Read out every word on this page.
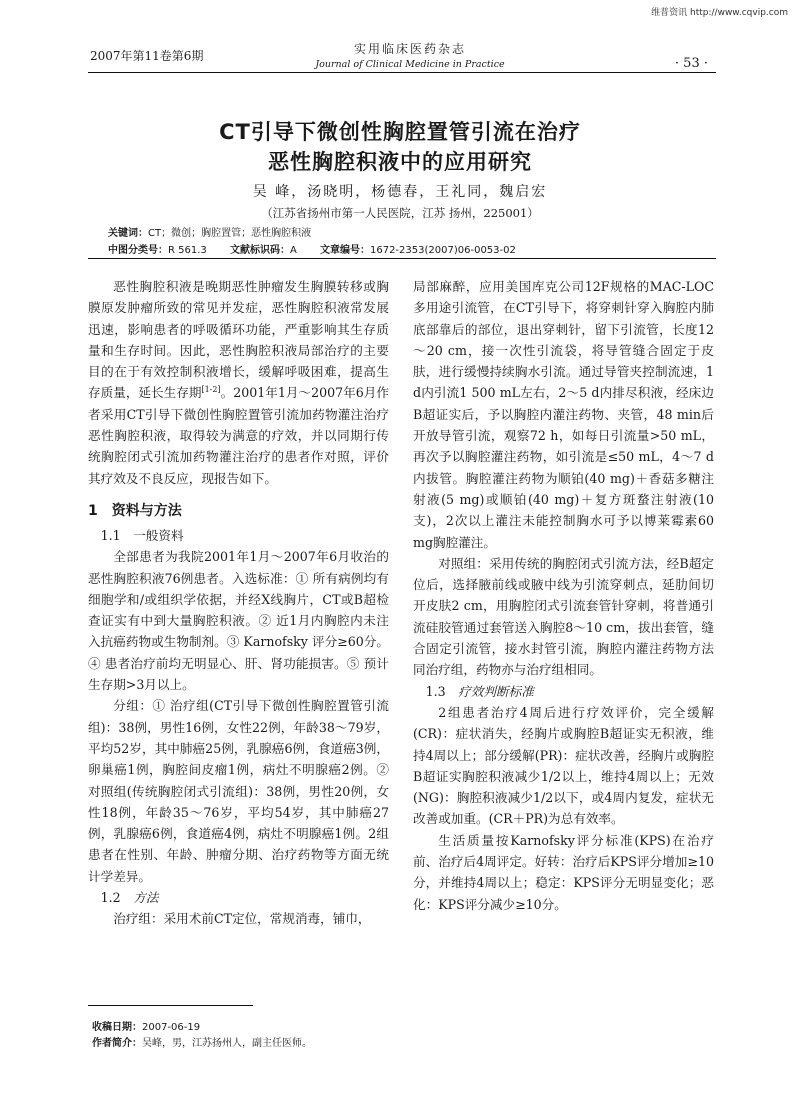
维普资讯 http://www.cqvip.com
2007年第11卷第6期	实用临床医药杂志
Journal of Clinical Medicine in Practice	· 53 ·
CT引导下微创性胸腔置管引流在治疗
恶性胸腔积液中的应用研究
吴 峰，汤晓明，杨德春，王礼同，魏启宏
（江苏省扬州市第一人民医院，江苏 扬州，225001）
关键词：CT；微创；胸腔置管；恶性胸腔积液
中图分类号：R 561.3    文献标识码：A    文章编号：1672-2353(2007)06-0053-02

恶性胸腔积液是晚期恶性肿瘤发生胸膜转移或胸膜原发肿瘤所致的常见并发症，恶性胸腔积液常发展迅速，影响患者的呼吸循环功能，严重影响其生存质量和生存时间。因此，恶性胸腔积液局部治疗的主要目的在于有效控制积液增长，缓解呼吸困难，提高生存质量，延长生存期[1-2]。2001年1月～2007年6月作者采用CT引导下微创性胸腔置管引流加药物灌注治疗恶性胸腔积液，取得较为满意的疗效，并以同期行传统胸腔闭式引流加药物灌注治疗的患者作对照，评价其疗效及不良反应，现报告如下。

1　资料与方法

1.1　一般资料

全部患者为我院2001年1月～2007年6月收治的恶性胸腔积液76例患者。入选标准：① 所有病例均有细胞学和/或组织学依据，并经X线胸片，CT或B超检查证实有中到大量胸腔积液。② 近1月内胸腔内未注入抗癌药物或生物制剂。③ Karnofsky 评分≥60分。④ 患者治疗前均无明显心、肝、肾功能损害。⑤ 预计生存期>3月以上。

分组：① 治疗组(CT引导下微创性胸腔置管引流组)：38例，男性16例，女性22例，年龄38～79岁，平均52岁，其中肺癌25例，乳腺癌6例，食道癌3例，卵巢癌1例，胸腔间皮瘤1例，病灶不明腺癌2例。② 对照组(传统胸腔闭式引流组)：38例，男性20例，女性18例，年龄35～76岁，平均54岁，其中肺癌27例，乳腺癌6例，食道癌4例，病灶不明腺癌1例。2组患者在性别、年龄、肿瘤分期、治疗药物等方面无统计学差异。

1.2  方法

治疗组：采用术前CT定位，常规消毒，铺巾，

局部麻醉，应用美国库克公司12F规格的MAC-LOC多用途引流管，在CT引导下，将穿刺针穿入胸腔内肺底部靠后的部位，退出穿刺针，留下引流管，长度12～20 cm，接一次性引流袋，将导管缝合固定于皮肤，进行缓慢持续胸水引流。通过导管夹控制流速，1 d内引流1 500 mL左右，2～5 d内排尽积液，经床边B超证实后，予以胸腔内灌注药物、夹管，48 min后开放导管引流，观察72 h，如每日引流量>50 mL，再次予以胸腔灌注药物，如引流是≤50 mL，4～7 d内拔管。胸腔灌注药物为顺铂(40 mg)＋香菇多糖注射液(5 mg)或顺铂(40 mg)＋复方斑蝥注射液(10支)，2次以上灌注未能控制胸水可予以博莱霉素60 mg胸腔灌注。

对照组：采用传统的胸腔闭式引流方法，经B超定位后，选择腋前线或腋中线为引流穿刺点，延肋间切开皮肤2 cm，用胸腔闭式引流套管针穿刺，将普通引流硅胶管通过套管送入胸腔8～10 cm，拔出套管，缝合固定引流管，接水封管引流，胸腔内灌注药物方法同治疗组，药物亦与治疗组相同。

1.3  疗效判断标准

2组患者治疗4周后进行疗效评价，完全缓解(CR)：症状消失，经胸片或胸腔B超证实无积液，维持4周以上；部分缓解(PR)：症状改善，经胸片或胸腔B超证实胸腔积液减少1/2以上，维持4周以上；无效(NG)：胸腔积液减少1/2以下，或4周内复发，症状无改善或加重。(CR＋PR)为总有效率。

生活质量按Karnofsky评分标准(KPS)在治疗前、治疗后4周评定。好转：治疗后KPS评分增加≥10分，并维持4周以上；稳定：KPS评分无明显变化；恶化：KPS评分减少≥10分。

收稿日期：2007-06-19
作者简介：吴峰，男，江苏扬州人，副主任医师。
